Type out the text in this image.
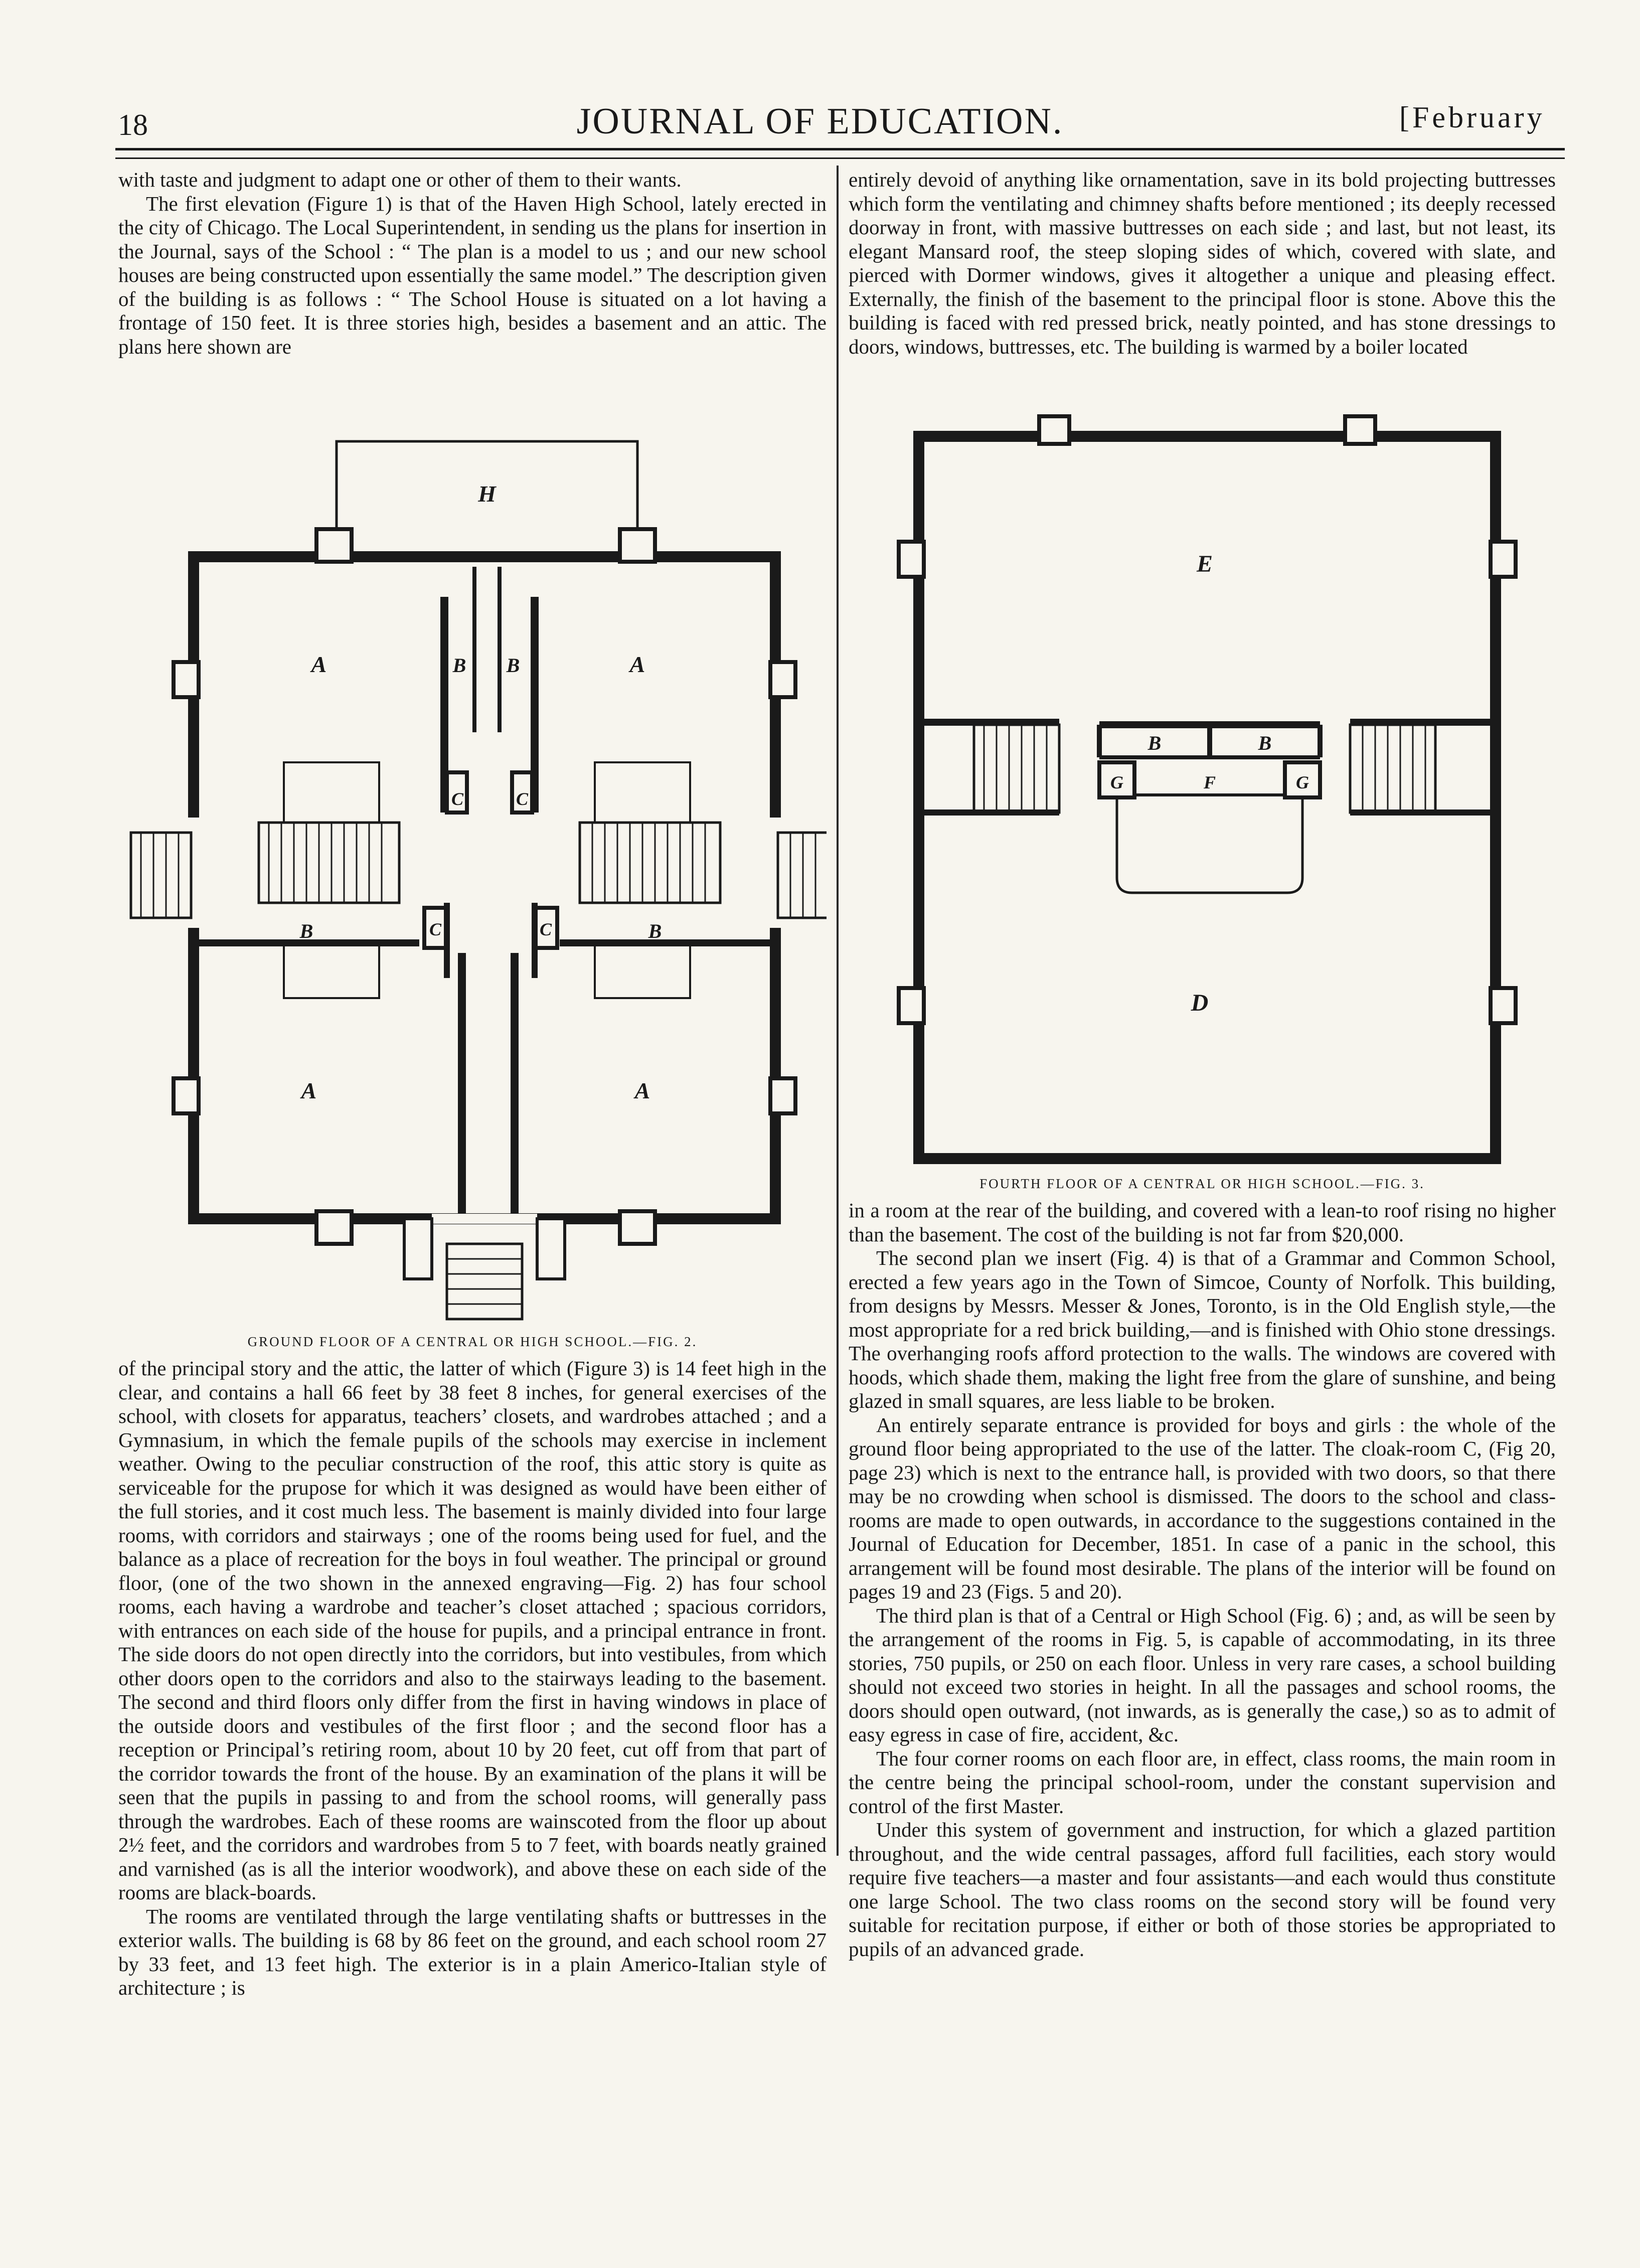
18	JOURNAL OF EDUCATION.	[February

with taste and judgment to adapt one or other of them to their wants.

The first elevation (Figure 1) is that of the Haven High School, lately erected in the city of Chicago. The Local Superintendent, in sending us the plans for insertion in the Journal, says of the School : “ The plan is a model to us ; and our new school houses are being constructed upon essentially the same model.” The description given of the building is as follows : “ The School House is situated on a lot having a frontage of 150 feet. It is three stories high, besides a basement and an attic. The plans here shown are

entirely devoid of anything like ornamentation, save in its bold projecting buttresses which form the ventilating and chimney shafts before mentioned ; its deeply recessed doorway in front, with massive buttresses on each side ; and last, but not least, its elegant Mansard roof, the steep sloping sides of which, covered with slate, and pierced with Dormer windows, gives it altogether a unique and pleasing effect. Externally, the finish of the basement to the principal floor is stone. Above this the building is faced with red pressed brick, neatly pointed, and has stone dressings to doors, windows, buttresses, etc. The building is warmed by a boiler located

H
A	A
A	A
B B
B	B
C	C
C	C
GROUND FLOOR OF A CENTRAL OR HIGH SCHOOL.—FIG. 2.
E
D
B	B
G	G
F
FOURTH FLOOR OF A CENTRAL OR HIGH SCHOOL.—FIG. 3.

of the principal story and the attic, the latter of which (Figure 3) is 14 feet high in the clear, and contains a hall 66 feet by 38 feet 8 inches, for general exercises of the school, with closets for apparatus, teachers’ closets, and wardrobes attached ; and a Gymnasium, in which the female pupils of the schools may exercise in inclement weather. Owing to the peculiar construction of the roof, this attic story is quite as serviceable for the prupose for which it was designed as would have been either of the full stories, and it cost much less. The basement is mainly divided into four large rooms, with corridors and stairways ; one of the rooms being used for fuel, and the balance as a place of recreation for the boys in foul weather. The principal or ground floor, (one of the two shown in the annexed engraving—Fig. 2) has four school rooms, each having a wardrobe and teacher’s closet attached ; spacious corridors, with entrances on each side of the house for pupils, and a principal entrance in front. The side doors do not open directly into the corridors, but into vestibules, from which other doors open to the corridors and also to the stairways leading to the basement. The second and third floors only differ from the first in having windows in place of the outside doors and vestibules of the first floor ; and the second floor has a reception or Principal’s retiring room, about 10 by 20 feet, cut off from that part of the corridor towards the front of the house. By an examination of the plans it will be seen that the pupils in passing to and from the school rooms, will generally pass through the wardrobes. Each of these rooms are wainscoted from the floor up about 2½ feet, and the corridors and wardrobes from 5 to 7 feet, with boards neatly grained and varnished (as is all the interior woodwork), and above these on each side of the rooms are black-boards.

The rooms are ventilated through the large ventilating shafts or buttresses in the exterior walls. The building is 68 by 86 feet on the ground, and each school room 27 by 33 feet, and 13 feet high. The exterior is in a plain Americo-Italian style of architecture ; is

in a room at the rear of the building, and covered with a lean-to roof rising no higher than the basement. The cost of the building is not far from $20,000.

The second plan we insert (Fig. 4) is that of a Grammar and Common School, erected a few years ago in the Town of Simcoe, County of Norfolk. This building, from designs by Messrs. Messer & Jones, Toronto, is in the Old English style,—the most appropriate for a red brick building,—and is finished with Ohio stone dressings. The overhanging roofs afford protection to the walls. The windows are covered with hoods, which shade them, making the light free from the glare of sunshine, and being glazed in small squares, are less liable to be broken.

An entirely separate entrance is provided for boys and girls : the whole of the ground floor being appropriated to the use of the latter. The cloak-room C, (Fig 20, page 23) which is next to the entrance hall, is provided with two doors, so that there may be no crowding when school is dismissed. The doors to the school and class-rooms are made to open outwards, in accordance to the suggestions contained in the Journal of Education for December, 1851. In case of a panic in the school, this arrangement will be found most desirable. The plans of the interior will be found on pages 19 and 23 (Figs. 5 and 20).

The third plan is that of a Central or High School (Fig. 6) ; and, as will be seen by the arrangement of the rooms in Fig. 5, is capable of accommodating, in its three stories, 750 pupils, or 250 on each floor. Unless in very rare cases, a school building should not exceed two stories in height. In all the passages and school rooms, the doors should open outward, (not inwards, as is generally the case,) so as to admit of easy egress in case of fire, accident, &c.

The four corner rooms on each floor are, in effect, class rooms, the main room in the centre being the principal school-room, under the constant supervision and control of the first Master.

Under this system of government and instruction, for which a glazed partition throughout, and the wide central passages, afford full facilities, each story would require five teachers—a master and four assistants—and each would thus constitute one large School. The two class rooms on the second story will be found very suitable for recitation purpose, if either or both of those stories be appropriated to pupils of an advanced grade.
